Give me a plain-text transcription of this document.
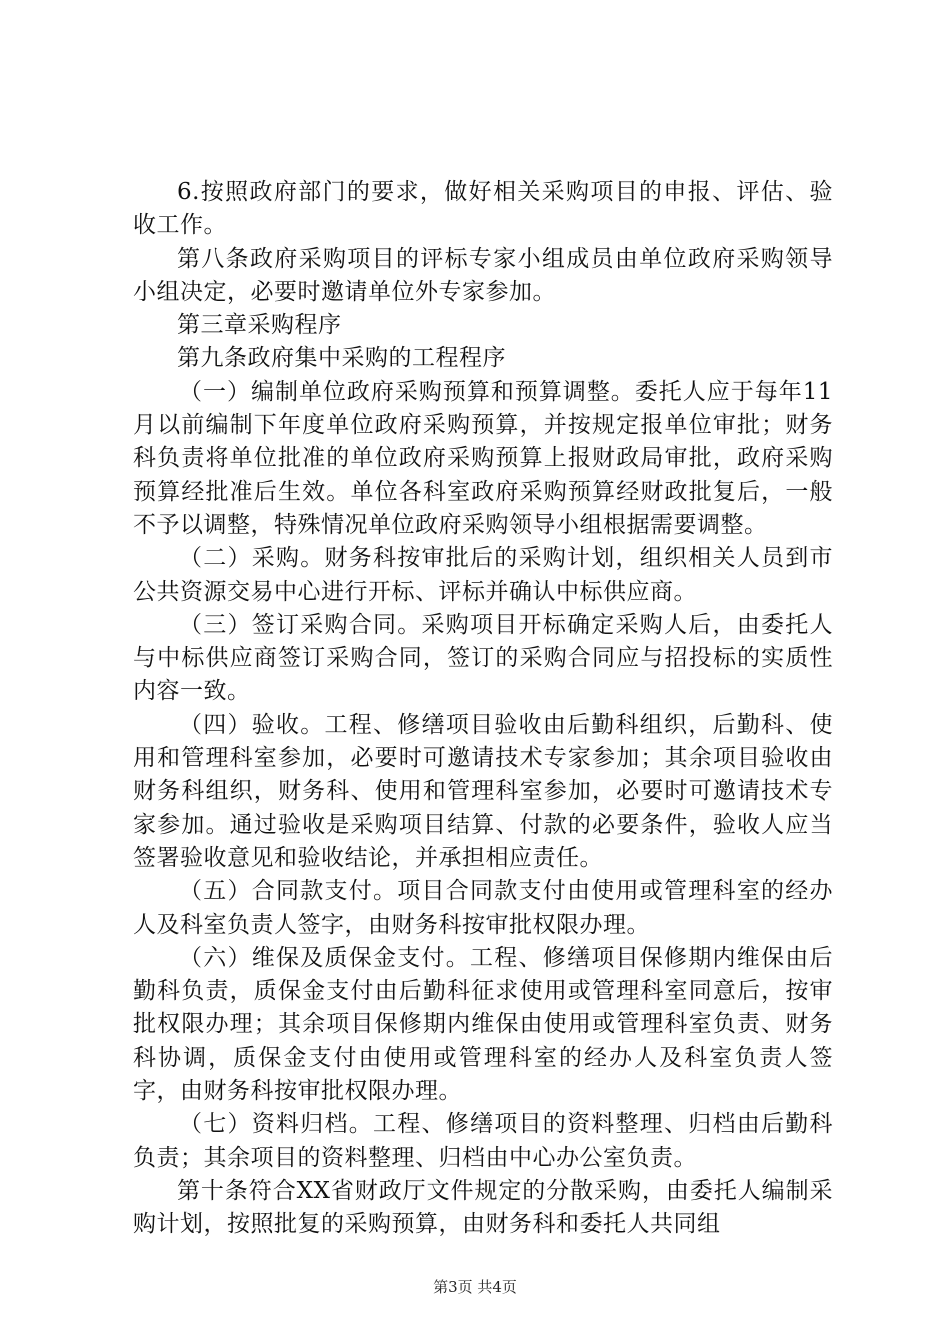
6.按照政府部门的要求，做好相关采购项目的申报、评估、验收工作。

第八条政府采购项目的评标专家小组成员由单位政府采购领导小组决定，必要时邀请单位外专家参加。

第三章采购程序

第九条政府集中采购的工程程序

（一）编制单位政府采购预算和预算调整。委托人应于每年11月以前编制下年度单位政府采购预算，并按规定报单位审批；财务科负责将单位批准的单位政府采购预算上报财政局审批，政府采购预算经批准后生效。单位各科室政府采购预算经财政批复后，一般不予以调整，特殊情况单位政府采购领导小组根据需要调整。

（二）采购。财务科按审批后的采购计划，组织相关人员到市公共资源交易中心进行开标、评标并确认中标供应商。

（三）签订采购合同。采购项目开标确定采购人后，由委托人与中标供应商签订采购合同，签订的采购合同应与招投标的实质性内容一致。

（四）验收。工程、修缮项目验收由后勤科组织，后勤科、使用和管理科室参加，必要时可邀请技术专家参加；其余项目验收由财务科组织，财务科、使用和管理科室参加，必要时可邀请技术专家参加。通过验收是采购项目结算、付款的必要条件，验收人应当签署验收意见和验收结论，并承担相应责任。

（五）合同款支付。项目合同款支付由使用或管理科室的经办人及科室负责人签字，由财务科按审批权限办理。

（六）维保及质保金支付。工程、修缮项目保修期内维保由后勤科负责，质保金支付由后勤科征求使用或管理科室同意后，按审批权限办理；其余项目保修期内维保由使用或管理科室负责、财务科协调，质保金支付由使用或管理科室的经办人及科室负责人签字，由财务科按审批权限办理。

（七）资料归档。工程、修缮项目的资料整理、归档由后勤科负责；其余项目的资料整理、归档由中心办公室负责。

第十条符合XX省财政厅文件规定的分散采购，由委托人编制采购计划，按照批复的采购预算，由财务科和委托人共同组

第3页 共4页
